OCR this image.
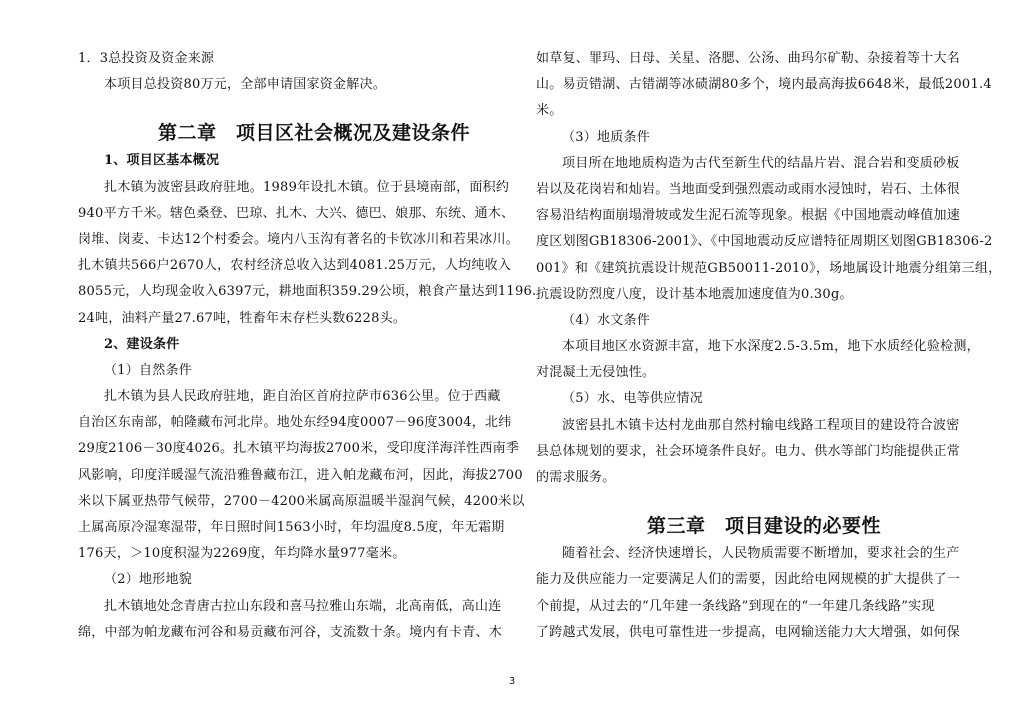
1．3总投资及资金来源
本项目总投资80万元，全部申请国家资金解决。
第二章　项目区社会概况及建设条件
1、项目区基本概况
扎木镇为波密县政府驻地。1989年设扎木镇。位于县境南部，面积约
940平方千米。辖色桑登、巴琼、扎木、大兴、德巴、娘那、东统、通木、
岗堆、岗麦、卡达12个村委会。境内八玉沟有著名的卡钦冰川和若果冰川。
扎木镇共566户2670人，农村经济总收入达到4081.25万元，人均纯收入
8055元，人均现金收入6397元，耕地面积359.29公顷，粮食产量达到1196.
24吨，油料产量27.67吨，牲畜年末存栏头数6228头。
2、建设条件
（1）自然条件
扎木镇为县人民政府驻地，距自治区首府拉萨市636公里。位于西藏
自治区东南部，帕隆藏布河北岸。地处东经94度0007－96度3004，北纬
29度2106－30度4026。扎木镇平均海拔2700米，受印度洋海洋性西南季
风影响，印度洋暖湿气流沿雅鲁藏布江，进入帕龙藏布河，因此，海拔2700
米以下属亚热带气候带，2700－4200米属高原温暖半湿润气候，4200米以
上属高原冷湿寒湿带，年日照时间1563小时，年均温度8.5度，年无霜期
176天，＞10度积湿为2269度，年均降水量977毫米。
（2）地形地貌
扎木镇地处念青唐古拉山东段和喜马拉雅山东端，北高南低，高山连
绵，中部为帕龙藏布河谷和易贡藏布河谷，支流数十条。境内有卡青、木
如草复、罪玛、日母、关星、洛腮、公汤、曲玛尔矿勒、杂接着等十大名
山。易贡错湖、古错湖等冰碛湖80多个，境内最高海拔6648米，最低2001.4
米。
（3）地质条件
项目所在地地质构造为古代至新生代的结晶片岩、混合岩和变质砂板
岩以及花岗岩和灿岩。当地面受到强烈震动或雨水浸蚀时，岩石、土体很
容易沿结构面崩塌滑坡或发生泥石流等现象。根据《中国地震动峰值加速
度区划图GB18306-2001》、《中国地震动反应谱特征周期区划图GB18306-2
001》和《建筑抗震设计规范GB50011-2010》，场地属设计地震分组第三组，
抗震设防烈度八度，设计基本地震加速度值为0.30g。
（4）水文条件
本项目地区水资源丰富，地下水深度2.5-3.5m，地下水质经化验检测，
对混凝土无侵蚀性。
（5）水、电等供应情况
波密县扎木镇卡达村龙曲那自然村输电线路工程项目的建设符合波密
县总体规划的要求，社会环境条件良好。电力、供水等部门均能提供正常
的需求服务。
第三章　项目建设的必要性
随着社会、经济快速增长，人民物质需要不断增加，要求社会的生产
能力及供应能力一定要满足人们的需要，因此给电网规模的扩大提供了一
个前提，从过去的“几年建一条线路”到现在的“一年建几条线路”实现
了跨越式发展，供电可靠性进一步提高，电网输送能力大大增强，如何保
3
